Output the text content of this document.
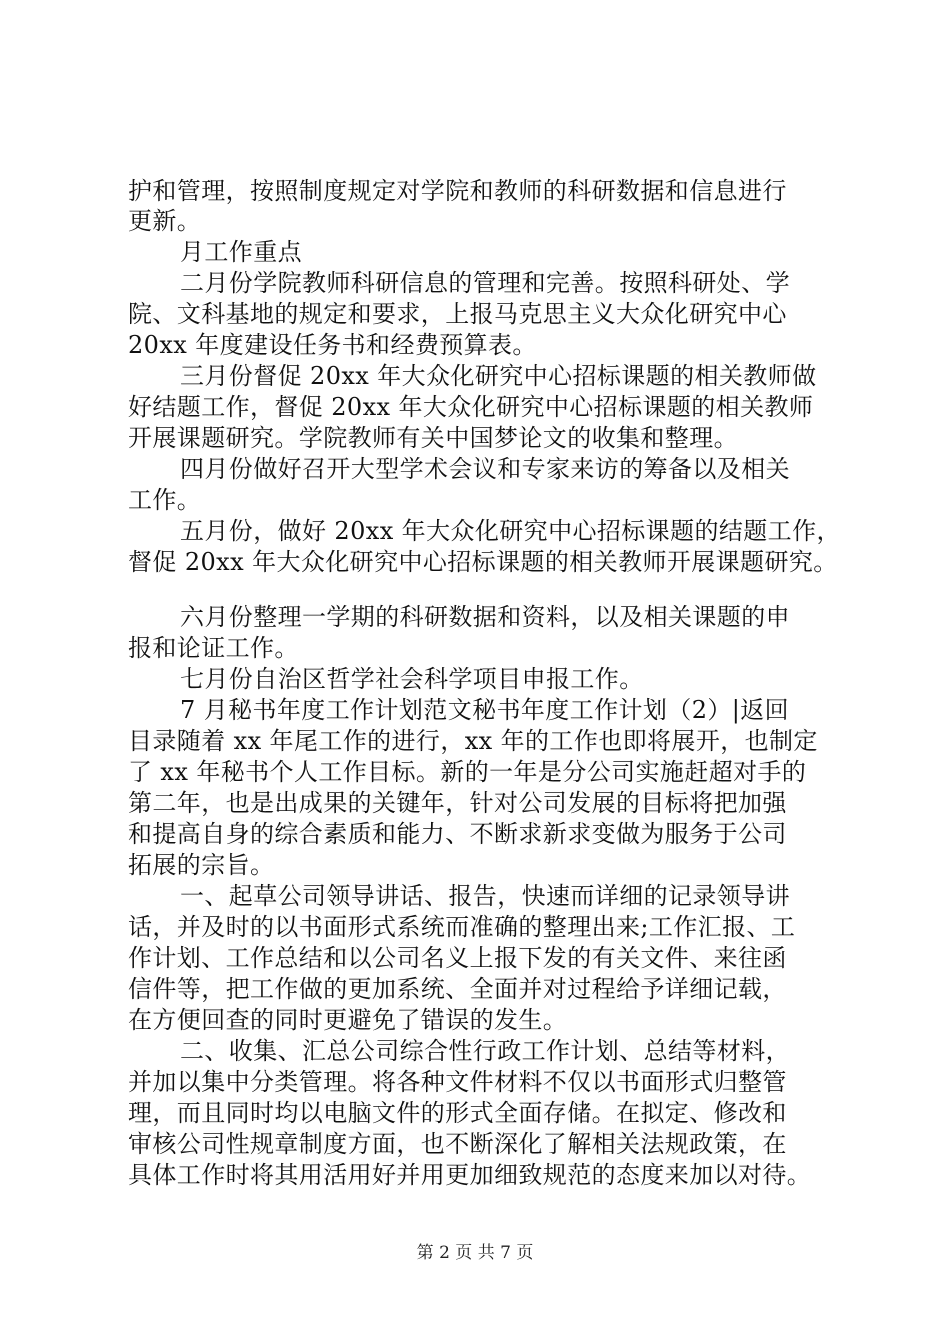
护和管理，按照制度规定对学院和教师的科研数据和信息进行
更新。
月工作重点
二月份学院教师科研信息的管理和完善。按照科研处、学
院、文科基地的规定和要求，上报马克思主义大众化研究中心
20xx 年度建设任务书和经费预算表。
三月份督促 20xx 年大众化研究中心招标课题的相关教师做
好结题工作，督促 20xx 年大众化研究中心招标课题的相关教师
开展课题研究。学院教师有关中国梦论文的收集和整理。
四月份做好召开大型学术会议和专家来访的筹备以及相关
工作。
五月份，做好 20xx 年大众化研究中心招标课题的结题工作，
督促 20xx 年大众化研究中心招标课题的相关教师开展课题研究。
六月份整理一学期的科研数据和资料，以及相关课题的申
报和论证工作。
七月份自治区哲学社会科学项目申报工作。
7 月秘书年度工作计划范文秘书年度工作计划（2）|返回
目录随着 xx 年尾工作的进行，xx 年的工作也即将展开，也制定
了 xx 年秘书个人工作目标。新的一年是分公司实施赶超对手的
第二年，也是出成果的关键年，针对公司发展的目标将把加强
和提高自身的综合素质和能力、不断求新求变做为服务于公司
拓展的宗旨。
一、起草公司领导讲话、报告，快速而详细的记录领导讲
话，并及时的以书面形式系统而准确的整理出来;工作汇报、工
作计划、工作总结和以公司名义上报下发的有关文件、来往函
信件等，把工作做的更加系统、全面并对过程给予详细记载，
在方便回查的同时更避免了错误的发生。
二、收集、汇总公司综合性行政工作计划、总结等材料，
并加以集中分类管理。将各种文件材料不仅以书面形式归整管
理，而且同时均以电脑文件的形式全面存储。在拟定、修改和
审核公司性规章制度方面，也不断深化了解相关法规政策，在
具体工作时将其用活用好并用更加细致规范的态度来加以对待。
第 2 页 共 7 页
